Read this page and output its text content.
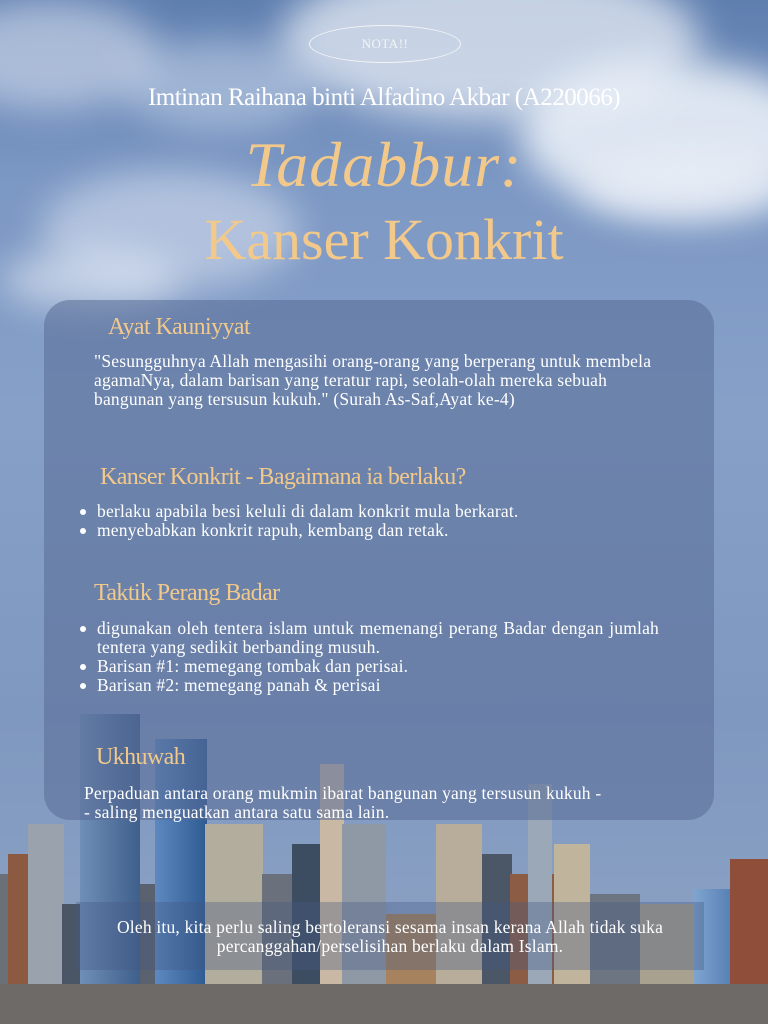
NOTA!!
Imtinan Raihana binti Alfadino Akbar (A220066)
Tadabbur:
Kanser Konkrit
Ayat Kauniyyat
"Sesungguhnya Allah mengasihi orang-orang yang berperang untuk membela agamaNya, dalam barisan yang teratur rapi, seolah-olah mereka sebuah bangunan yang tersusun kukuh." (Surah As-Saf,Ayat ke-4)
Kanser Konkrit - Bagaimana ia berlaku?
berlaku apabila besi keluli di dalam konkrit mula berkarat.
menyebabkan konkrit rapuh, kembang dan retak.
Taktik Perang Badar
digunakan oleh tentera islam untuk memenangi perang Badar dengan jumlah tentera yang sedikit berbanding musuh.
Barisan #1: memegang tombak dan perisai.
Barisan #2: memegang panah & perisai
Ukhuwah
Perpaduan antara orang mukmin ibarat bangunan yang tersusun kukuh -- saling menguatkan antara satu sama lain.
Oleh itu, kita perlu saling bertoleransi sesama insan kerana Allah tidak suka percanggahan/perselisihan berlaku dalam Islam.
